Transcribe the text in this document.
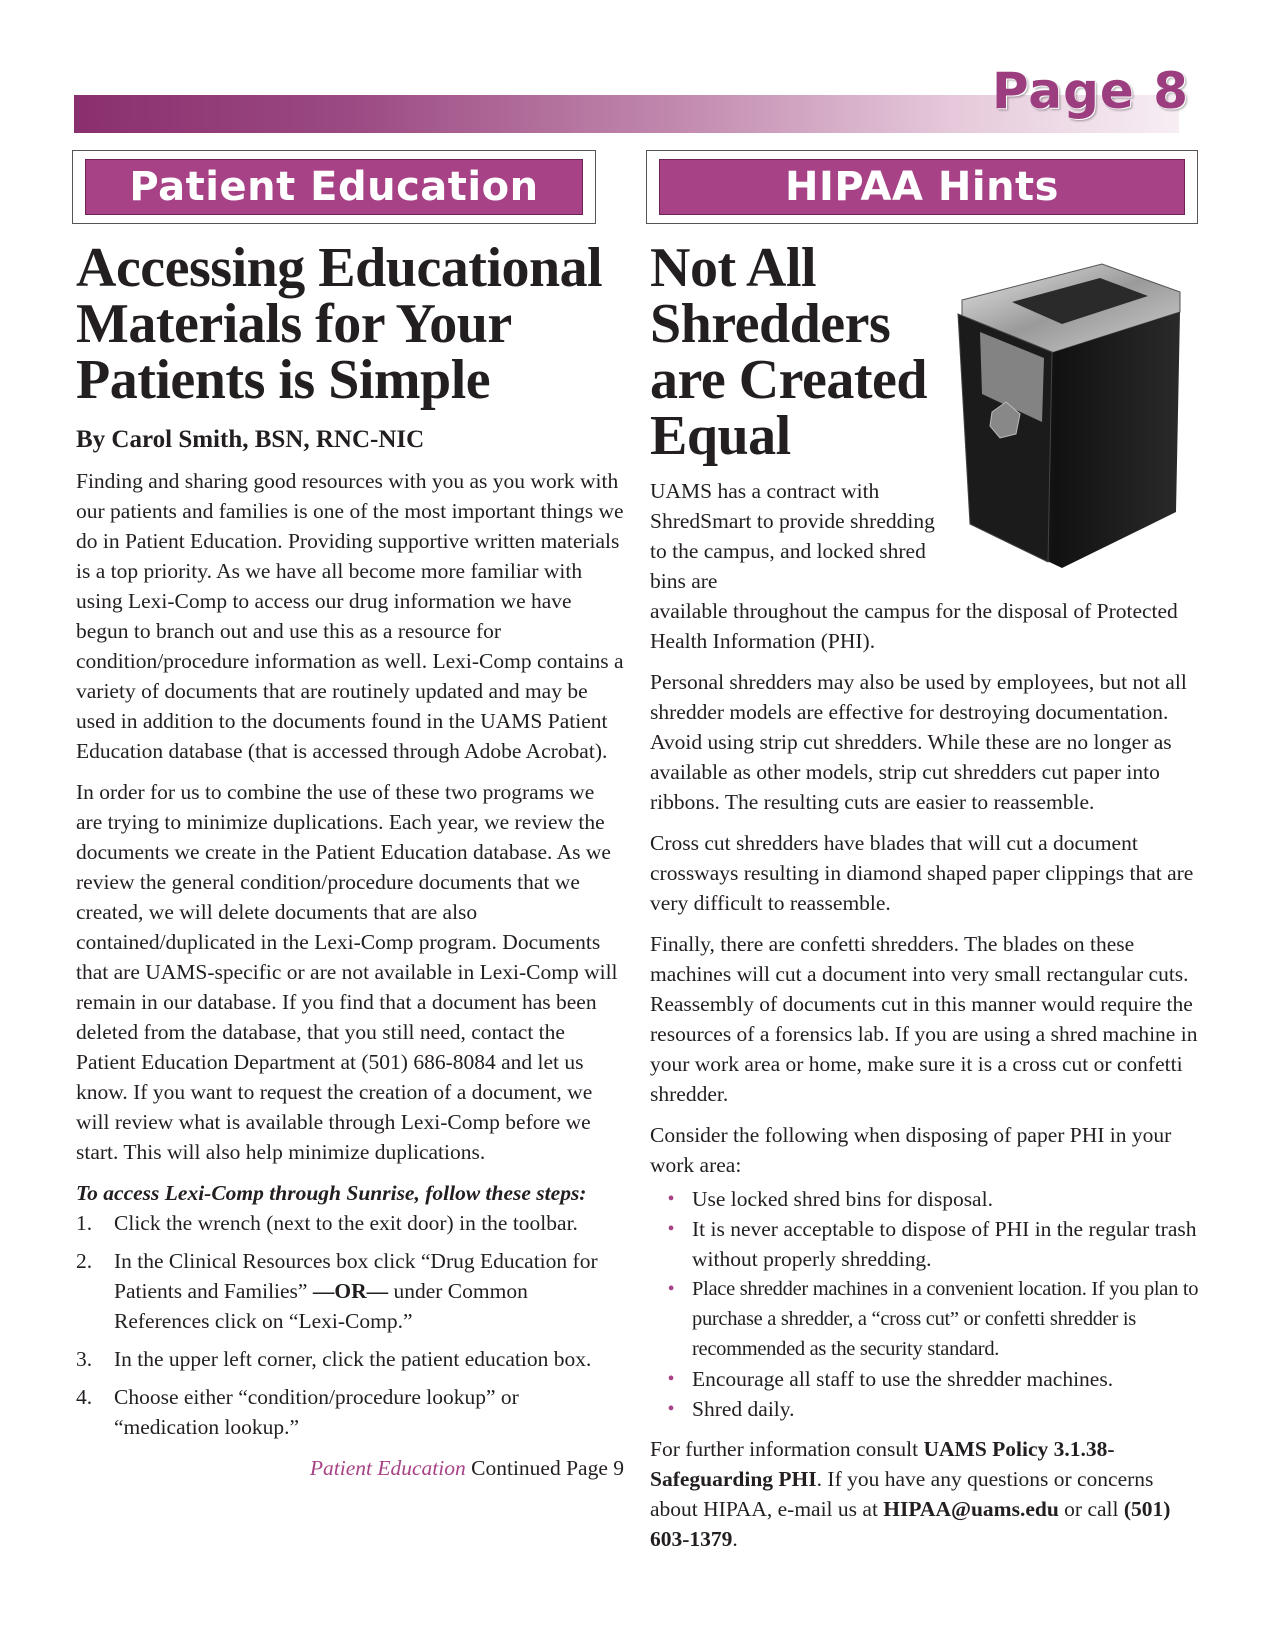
Page 8
Patient Education	HIPAA Hints
Accessing Educational Materials for Your Patients is Simple
By Carol Smith, BSN, RNC-NIC

Finding and sharing good resources with you as you work with our patients and families is one of the most important things we do in Patient Education. Providing supportive written materials is a top priority. As we have all become more familiar with using Lexi-Comp to access our drug information we have begun to branch out and use this as a resource for condition/procedure information as well. Lexi-Comp contains a variety of documents that are routinely updated and may be used in addition to the documents found in the UAMS Patient Education database (that is accessed through Adobe Acrobat).

In order for us to combine the use of these two programs we are trying to minimize duplications. Each year, we review the documents we create in the Patient Education database. As we review the general condition/procedure documents that we created, we will delete documents that are also contained/duplicated in the Lexi-Comp program. Documents that are UAMS-specific or are not available in Lexi-Comp will remain in our database. If you find that a document has been deleted from the database, that you still need, contact the Patient Education Department at (501) 686-8084 and let us know. If you want to request the creation of a document, we will review what is available through Lexi-Comp before we start. This will also help minimize duplications.

To access Lexi-Comp through Sunrise, follow these steps:
1.	Click the wrench (next to the exit door) in the toolbar.
2.	In the Clinical Resources box click “Drug Education for Patients and Families” —OR— under Common References click on “Lexi-Comp.”
3.	In the upper left corner, click the patient education box.
4.	Choose either “condition/procedure lookup” or “medication lookup.”
Patient Education Continued Page 9
Not All Shredders are Created Equal

UAMS has a contract with ShredSmart to provide shredding to the campus, and locked shred bins are
available throughout the campus for the disposal of Protected Health Information (PHI).

Personal shredders may also be used by employees, but not all shredder models are effective for destroying documentation. Avoid using strip cut shredders. While these are no longer as available as other models, strip cut shredders cut paper into ribbons. The resulting cuts are easier to reassemble.

Cross cut shredders have blades that will cut a document crossways resulting in diamond shaped paper clippings that are very difficult to reassemble.

Finally, there are confetti shredders. The blades on these machines will cut a document into very small rectangular cuts. Reassembly of documents cut in this manner would require the resources of a forensics lab. If you are using a shred machine in your work area or home, make sure it is a cross cut or confetti shredder.

Consider the following when disposing of paper PHI in your work area:

• Use locked shred bins for disposal.
• It is never acceptable to dispose of PHI in the regular trash without properly shredding.
• Place shredder machines in a convenient location. If you plan to purchase a shredder, a “cross cut” or confetti shredder is recommended as the security standard.
• Encourage all staff to use the shredder machines.
• Shred daily.

For further information consult UAMS Policy 3.1.38-Safeguarding PHI. If you have any questions or concerns about HIPAA, e-mail us at HIPAA@uams.edu or call (501) 603-1379.
